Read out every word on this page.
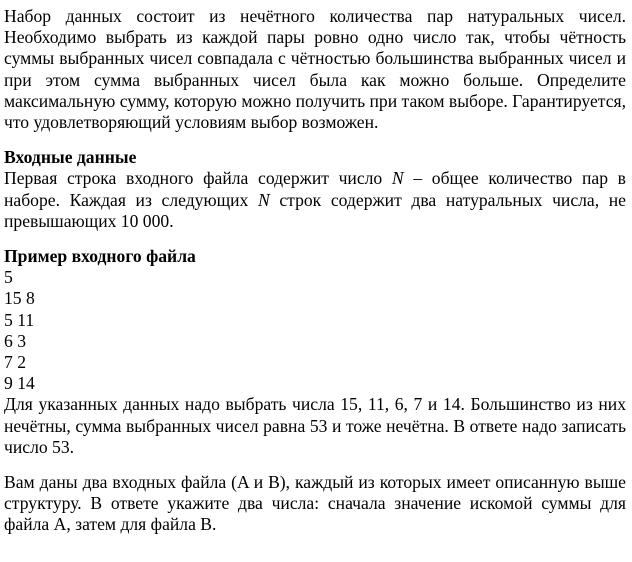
Набор данных состоит из нечётного количества пар натуральных чисел. Необходимо выбрать из каждой пары ровно одно число так, чтобы чётность суммы выбранных чисел совпадала с чётностью большинства выбранных чисел и при этом сумма выбранных чисел была как можно больше. Определите максимальную сумму, которую можно получить при таком выборе. Гарантируется, что удовлетворяющий условиям выбор возможен.

Входные данные

Первая строка входного файла содержит число N – общее количество пар в наборе. Каждая из следующих N строк содержит два натуральных числа, не превышающих 10 000.

Пример входного файла
5
15 8
5 11
6 3
7 2
9 14

Для указанных данных надо выбрать числа 15, 11, 6, 7 и 14. Большинство из них нечётны, сумма выбранных чисел равна 53 и тоже нечётна. В ответе надо записать число 53.

Вам даны два входных файла (A и B), каждый из которых имеет описанную выше структуру. В ответе укажите два числа: сначала значение искомой суммы для файла A, затем для файла B.
